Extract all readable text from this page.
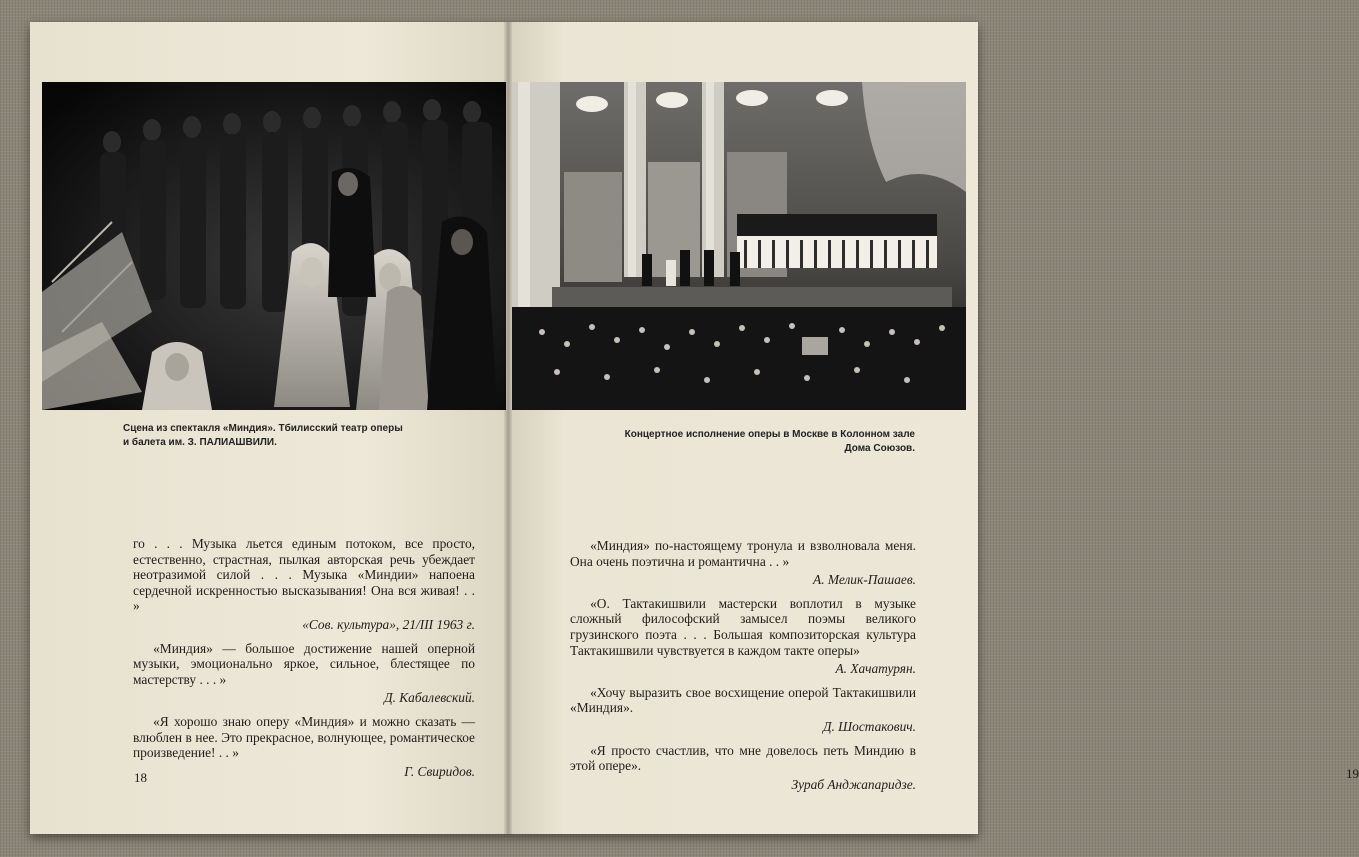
Сцена из спектакля «Миндия». Тбилисский театр оперы
и балета им. З. ПАЛИАШВИЛИ.

го . . . Музыка льется единым потоком, все просто, естественно, страстная, пылкая авторская речь убеждает неотразимой силой . . . Музыка «Миндии» напоена сердечной искренностью высказывания! Она вся живая! . . »

«Сов. культура», 21/III 1963 г.

«Миндия» — большое достижение нашей оперной музыки, эмоционально яркое, сильное, блестящее по мастерству . . . »

Д. Кабалевский.

«Я хорошо знаю оперу «Миндия» и можно сказать — влюблен в нее. Это прекрасное, волнующее, романтическое произведение! . . »

Г. Свиридов.
18	19
Концертное исполнение оперы в Москве в Колонном зале
Дома Союзов.

«Миндия» по-настоящему тронула и взволновала меня. Она очень поэтична и романтична . . »

А. Мелик-Пашаев.

«О. Тактакишвили мастерски воплотил в музыке сложный философский замысел поэмы великого грузинского поэта . . . Большая композиторская культура Тактакишвили чувствуется в каждом такте оперы»

А. Хачатурян.

«Хочу выразить свое восхищение оперой Тактакишвили «Миндия».

Д. Шостакович.

«Я просто счастлив, что мне довелось петь Миндию в этой опере».

Зураб Анджапаридзе.
